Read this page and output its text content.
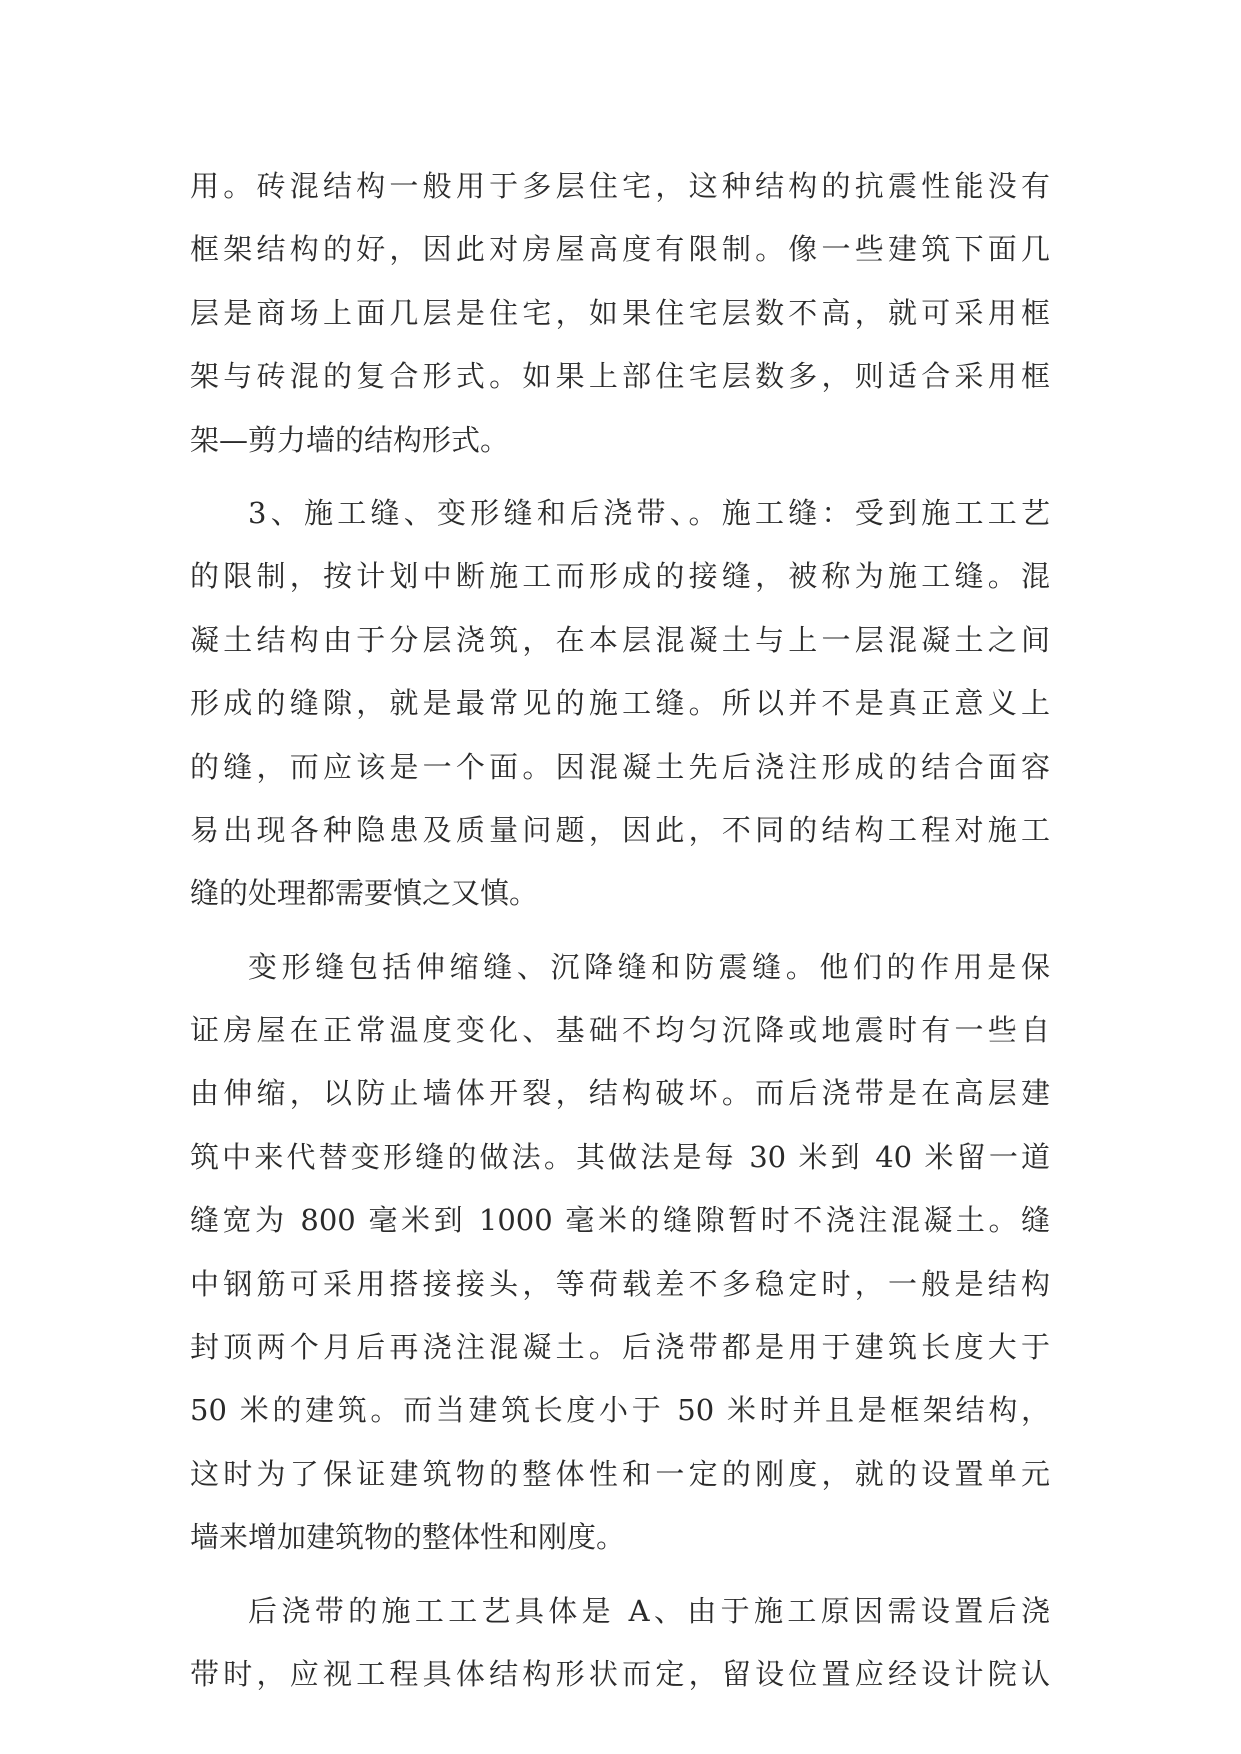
用。砖混结构一般用于多层住宅，这种结构的抗震性能没有
框架结构的好，因此对房屋高度有限制。像一些建筑下面几
层是商场上面几层是住宅，如果住宅层数不高，就可采用框
架与砖混的复合形式。如果上部住宅层数多，则适合采用框
架—剪力墙的结构形式。
3、施工缝、变形缝和后浇带、。施工缝：受到施工工艺
的限制，按计划中断施工而形成的接缝，被称为施工缝。混
凝土结构由于分层浇筑，在本层混凝土与上一层混凝土之间
形成的缝隙，就是最常见的施工缝。所以并不是真正意义上
的缝，而应该是一个面。因混凝土先后浇注形成的结合面容
易出现各种隐患及质量问题，因此，不同的结构工程对施工
缝的处理都需要慎之又慎。
变形缝包括伸缩缝、沉降缝和防震缝。他们的作用是保
证房屋在正常温度变化、基础不均匀沉降或地震时有一些自
由伸缩，以防止墙体开裂，结构破坏。而后浇带是在高层建
筑中来代替变形缝的做法。其做法是每 30 米到 40 米留一道
缝宽为 800 毫米到 1000 毫米的缝隙暂时不浇注混凝土。缝
中钢筋可采用搭接接头，等荷载差不多稳定时，一般是结构
封顶两个月后再浇注混凝土。后浇带都是用于建筑长度大于
50 米的建筑。而当建筑长度小于 50 米时并且是框架结构，
这时为了保证建筑物的整体性和一定的刚度，就的设置单元
墙来增加建筑物的整体性和刚度。
后浇带的施工工艺具体是 A、由于施工原因需设置后浇
带时，应视工程具体结构形状而定，留设位置应经设计院认
